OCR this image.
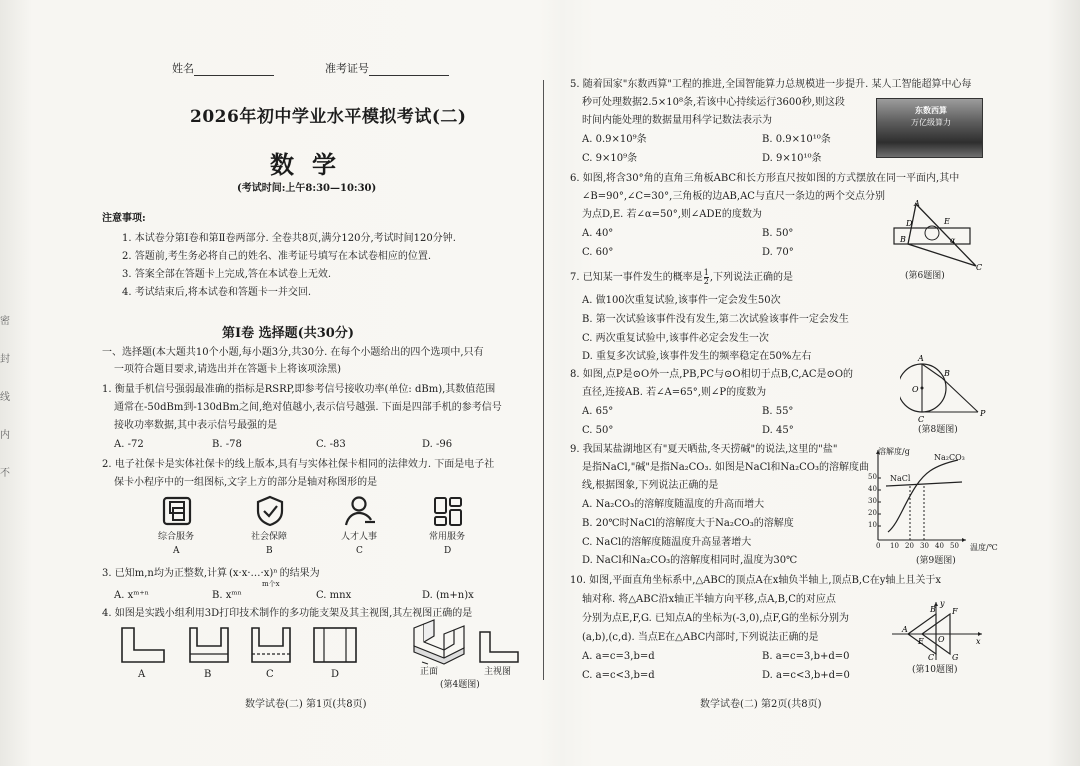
密
封
线
内
不
姓名	准考证号
2026年初中学业水平模拟考试(二)
数学
(考试时间:上午8:30—10:30)
注意事项:
1. 本试卷分第Ⅰ卷和第Ⅱ卷两部分. 全卷共8页,满分120分,考试时间120分钟.
2. 答题前,考生务必将自己的姓名、准考证号填写在本试卷相应的位置.
3. 答案全部在答题卡上完成,答在本试卷上无效.
4. 考试结束后,将本试卷和答题卡一并交回.
第Ⅰ卷 选择题(共30分)
一、选择题(本大题共10个小题,每小题3分,共30分. 在每个小题给出的四个选项中,只有
一项符合题目要求,请选出并在答题卡上将该项涂黑)
1. 衡量手机信号强弱最准确的指标是RSRP,即参考信号接收功率(单位: dBm),其数值范围
通常在-50dBm到-130dBm之间,绝对值越小,表示信号越强. 下面是四部手机的参考信号
接收功率数据,其中表示信号最强的是
A. -72	B. -78	C. -83	D. -96
2. 电子社保卡是实体社保卡的线上版本,具有与实体社保卡相同的法律效力. 下面是电子社
保卡小程序中的一组图标,文字上方的部分是轴对称图形的是
综合服务	社会保障	人才人事	常用服务
A	B	C	D
3. 已知m,n均为正整数,计算 (x·x·…·x)ⁿ 的结果为
m个x
A. xᵐ⁺ⁿ	B. xᵐⁿ	C. mnx	D. (m+n)x
4. 如图是实践小组利用3D打印技术制作的多功能支架及其主视图,其左视图正确的是
A	B	C	D	正面	主视图
(第4题图)
数学试卷(二) 第1页(共8页)
5. 随着国家"东数西算"工程的推进,全国智能算力总规模进一步提升. 某人工智能超算中心每
秒可处理数据2.5×10⁸条,若该中心持续运行3600秒,则这段
时间内能处理的数据量用科学记数法表示为
A. 0.9×10⁹条	B. 0.9×10¹⁰条
C. 9×10⁹条	D. 9×10¹⁰条
东数西算
万亿级算力
6. 如图,将含30°角的直角三角板ABC和长方形直尺按如图的方式摆放在同一平面内,其中
∠B=90°,∠C=30°,三角板的边AB,AC与直尺一条边的两个交点分别
为点D,E. 若∠α=50°,则∠ADE的度数为
A. 40°	B. 50°
C. 60°	D. 70°
D	E
B
A
C
α
(第6题图)
7. 已知某一事件发生的概率是 $\frac{1}{2}$ ,下列说法正确的是
A. 做100次重复试验,该事件一定会发生50次
B. 第一次试验该事件没有发生,第二次试验该事件一定会发生
C. 两次重复试验中,该事件必定会发生一次
D. 重复多次试验,该事件发生的频率稳定在50%左右
8. 如图,点P是⊙O外一点,PB,PC与⊙O相切于点B,C,AC是⊙O的
直径,连接AB. 若∠A=65°,则∠P的度数为
A. 65°	B. 55°
C. 50°	D. 45°
A
O
B
C
P
(第8题图)
9. 我国某盐湖地区有"夏天晒盐,冬天捞碱"的说法,这里的"盐"
是指NaCl,"碱"是指Na₂CO₃. 如图是NaCl和Na₂CO₃的溶解度曲
线,根据图象,下列说法正确的是
A. Na₂CO₃的溶解度随温度的升高而增大
B. 20℃时NaCl的溶解度大于Na₂CO₃的溶解度
C. NaCl的溶解度随温度升高显著增大
D. NaCl和Na₂CO₃的溶解度相同时,温度为30℃
溶解度/g
Na₂CO₃
NaCl
50
40
30
20
10
0 10 20 30 40 50 温度/℃
(第9题图)
10. 如图,平面直角坐标系中,△ABC的顶点A在x轴负半轴上,顶点B,C在y轴上且关于x
轴对称. 将△ABC沿x轴正半轴方向平移,点A,B,C的对应点
分别为点E,F,G. 已知点A的坐标为(-3,0),点F,G的坐标分别为
(a,b),(c,d). 当点E在△ABC内部时,下列说法正确的是
A. a=c=3,b=d	B. a=c=3,b+d=0
C. a=c<3,b=d	D. a=c<3,b+d=0
A
E
B F
C G
O	x
y
(第10题图)
数学试卷(二) 第2页(共8页)
